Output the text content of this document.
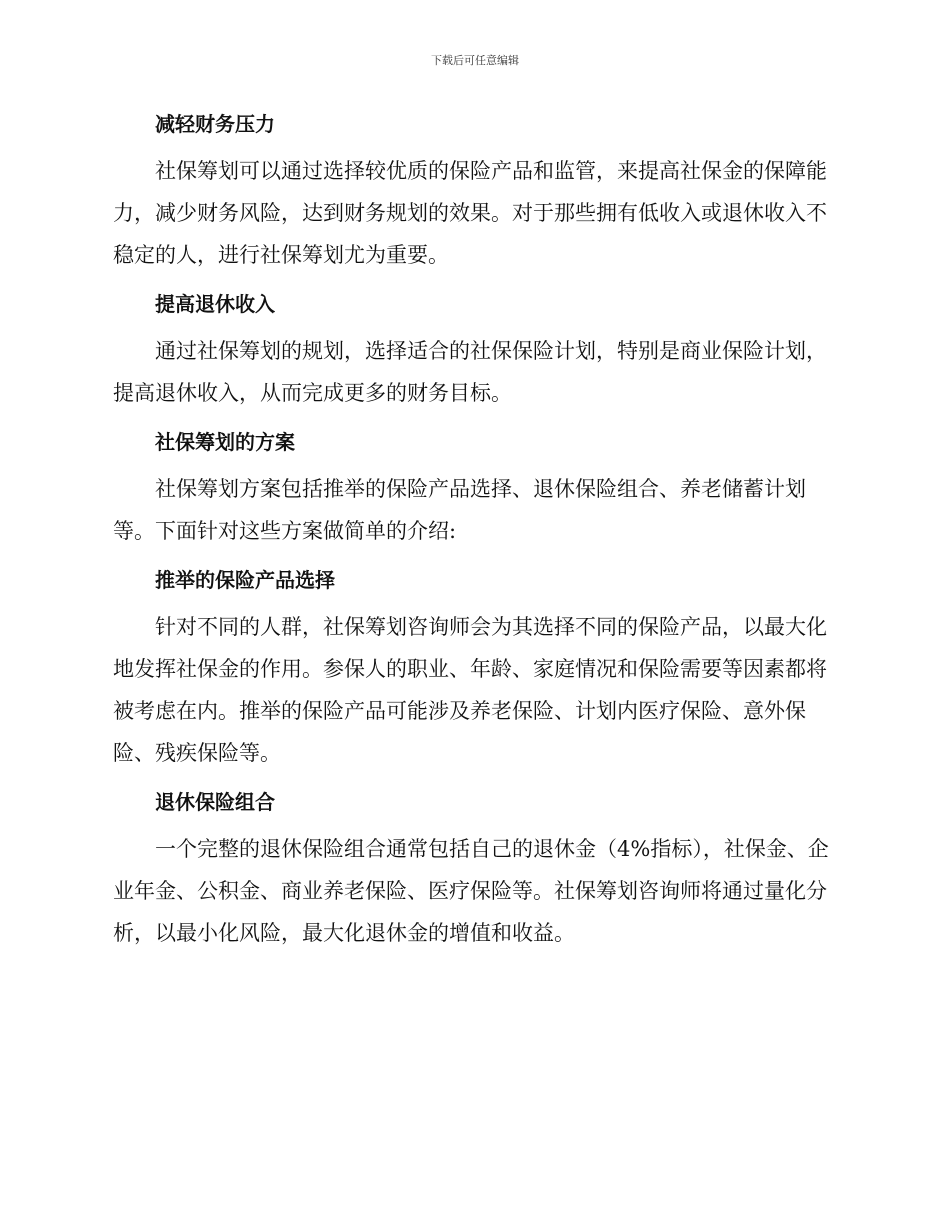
下载后可任意编辑
减轻财务压力

社保筹划可以通过选择较优质的保险产品和监管，来提高社保金的保障能力，减少财务风险，达到财务规划的效果。对于那些拥有低收入或退休收入不稳定的人，进行社保筹划尤为重要。

提高退休收入

通过社保筹划的规划，选择适合的社保保险计划，特别是商业保险计划，提高退休收入，从而完成更多的财务目标。

社保筹划的方案

社保筹划方案包括推举的保险产品选择、退休保险组合、养老储蓄计划等。下面针对这些方案做简单的介绍:

推举的保险产品选择

针对不同的人群，社保筹划咨询师会为其选择不同的保险产品，以最大化地发挥社保金的作用。参保人的职业、年龄、家庭情况和保险需要等因素都将被考虑在内。推举的保险产品可能涉及养老保险、计划内医疗保险、意外保险、残疾保险等。

退休保险组合

一个完整的退休保险组合通常包括自己的退休金（4%指标），社保金、企业年金、公积金、商业养老保险、医疗保险等。社保筹划咨询师将通过量化分析，以最小化风险，最大化退休金的增值和收益。
